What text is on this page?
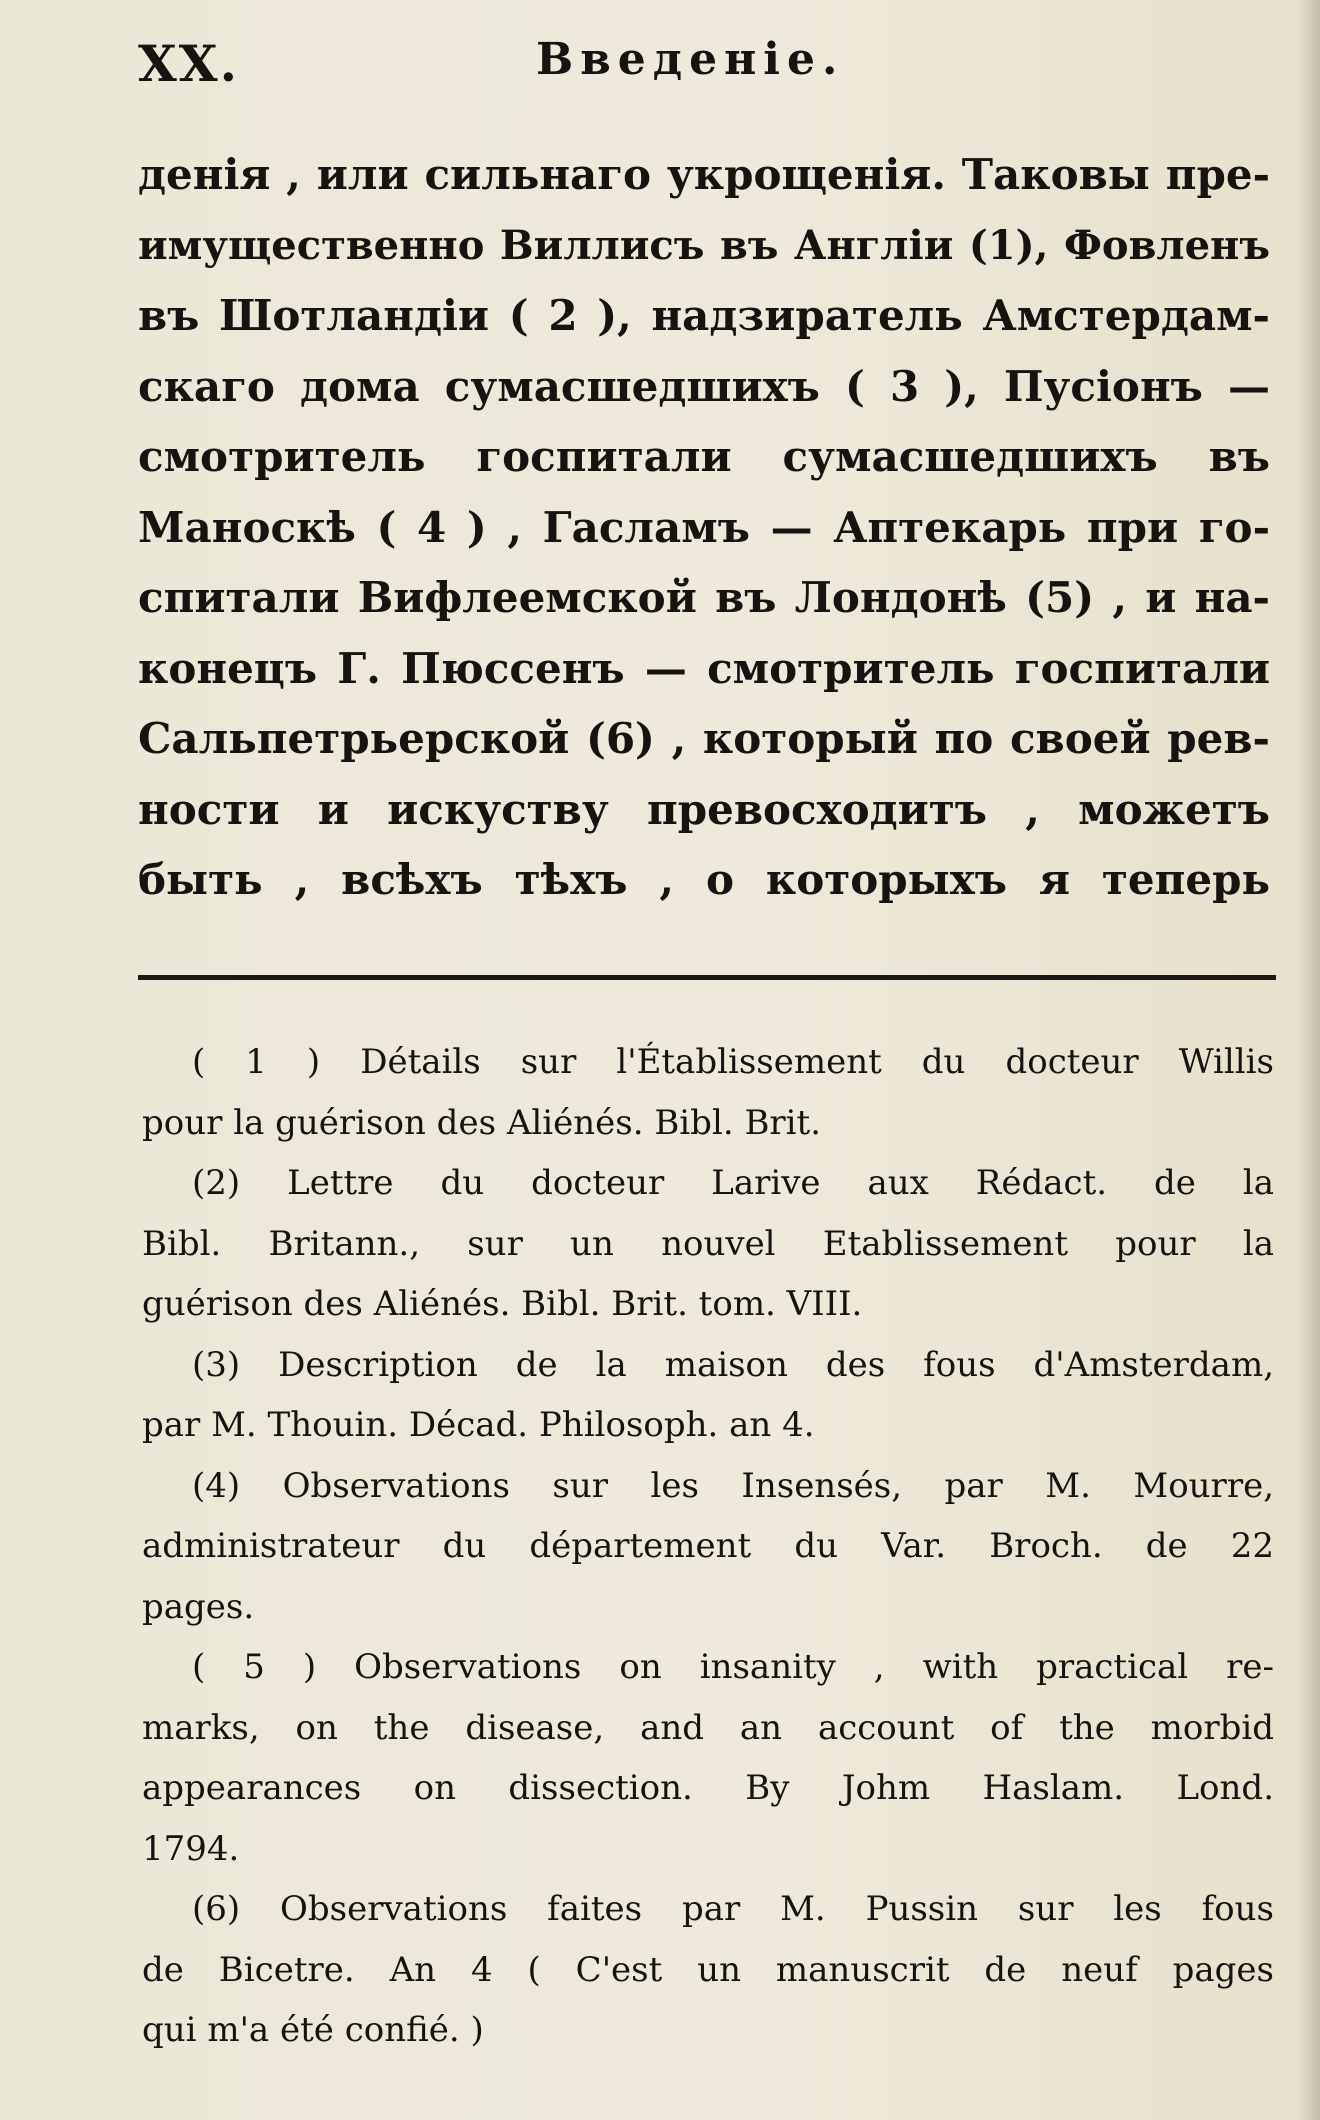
XX.	Введеніе.
денія , или сильнаго укрощенія. Таковы пре-
имущественно Виллисъ въ Англіи (1), Фовленъ
въ Шотландіи ( 2 ), надзиратель Амстердам-
скаго дома сумасшедшихъ ( 3 ), Пусіонъ —
смотритель госпитали сумасшедшихъ въ
Маноскѣ ( 4 ) , Гасламъ — Аптекарь при го-
спитали Вифлеемской въ Лондонѣ (5) , и на-
конецъ Г. Пюссенъ — смотритель госпитали
Сальпетрьерской (6) , который по своей рев-
ности и искуству превосходитъ , можетъ
быть , всѣхъ тѣхъ , о которыхъ я теперь
( 1 ) Détails sur l'Établissement du docteur Willis
pour la guérison des Aliénés. Bibl. Brit.
(2) Lettre du docteur Larive aux Rédact. de la
Bibl. Britann., sur un nouvel Etablissement pour la
guérison des Aliénés. Bibl. Brit. tom. VIII.
(3) Description de la maison des fous d'Amsterdam,
par M. Thouin. Décad. Philosoph. an 4.
(4) Observations sur les Insensés, par M. Mourre,
administrateur du département du Var. Broch. de 22
pages.
( 5 ) Observations on insanity , with practical re-
marks, on the disease, and an account of the morbid
appearances on dissection. By Johm Haslam. Lond.
1794.
(6) Observations faites par M. Pussin sur les fous
de Bicetre. An 4 ( C'est un manuscrit de neuf pages
qui m'a été confié. )
